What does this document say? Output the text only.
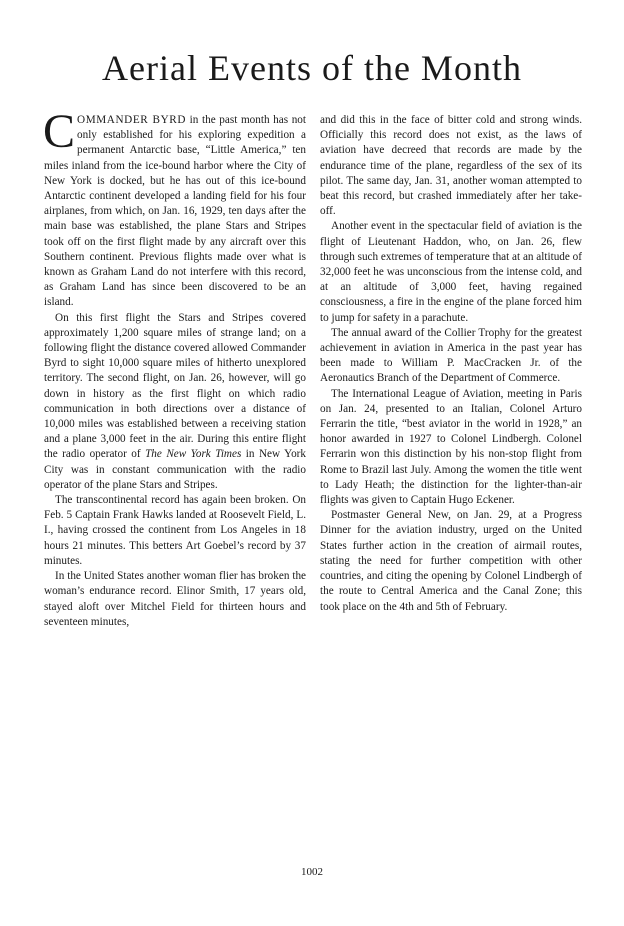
Aerial Events of the Month

COMMANDER BYRD in the past month has not only established for his exploring expedition a permanent Antarctic base, “Little America,” ten miles inland from the ice-bound harbor where the City of New York is docked, but he has out of this ice-bound Antarctic continent developed a landing field for his four airplanes, from which, on Jan. 16, 1929, ten days after the main base was established, the plane Stars and Stripes took off on the first flight made by any aircraft over this Southern continent. Previous flights made over what is known as Graham Land do not interfere with this record, as Graham Land has since been discovered to be an island.

On this first flight the Stars and Stripes covered approximately 1,200 square miles of strange land; on a following flight the distance covered allowed Commander Byrd to sight 10,000 square miles of hitherto unexplored territory. The second flight, on Jan. 26, however, will go down in history as the first flight on which radio communication in both directions over a distance of 10,000 miles was established between a receiving station and a plane 3,000 feet in the air. During this entire flight the radio operator of The New York Times in New York City was in constant communication with the radio operator of the plane Stars and Stripes.

The transcontinental record has again been broken. On Feb. 5 Captain Frank Hawks landed at Roosevelt Field, L. I., having crossed the continent from Los Angeles in 18 hours 21 minutes. This betters Art Goebel’s record by 37 minutes.

In the United States another woman flier has broken the woman’s endurance record. Elinor Smith, 17 years old, stayed aloft over Mitchel Field for thirteen hours and seventeen minutes,

and did this in the face of bitter cold and strong winds. Officially this record does not exist, as the laws of aviation have decreed that records are made by the endurance time of the plane, regardless of the sex of its pilot. The same day, Jan. 31, another woman attempted to beat this record, but crashed immediately after her take-off.

Another event in the spectacular field of aviation is the flight of Lieutenant Haddon, who, on Jan. 26, flew through such extremes of temperature that at an altitude of 32,000 feet he was unconscious from the intense cold, and at an altitude of 3,000 feet, having regained consciousness, a fire in the engine of the plane forced him to jump for safety in a parachute.

The annual award of the Collier Trophy for the greatest achievement in aviation in America in the past year has been made to William P. MacCracken Jr. of the Aeronautics Branch of the Department of Commerce.

The International League of Aviation, meeting in Paris on Jan. 24, presented to an Italian, Colonel Arturo Ferrarin the title, “best aviator in the world in 1928,” an honor awarded in 1927 to Colonel Lindbergh. Colonel Ferrarin won this distinction by his non-stop flight from Rome to Brazil last July. Among the women the title went to Lady Heath; the distinction for the lighter-than-air flights was given to Captain Hugo Eckener.

Postmaster General New, on Jan. 29, at a Progress Dinner for the aviation industry, urged on the United States further action in the creation of airmail routes, stating the need for further competition with other countries, and citing the opening by Colonel Lindbergh of the route to Central America and the Canal Zone; this took place on the 4th and 5th of February.

1002
